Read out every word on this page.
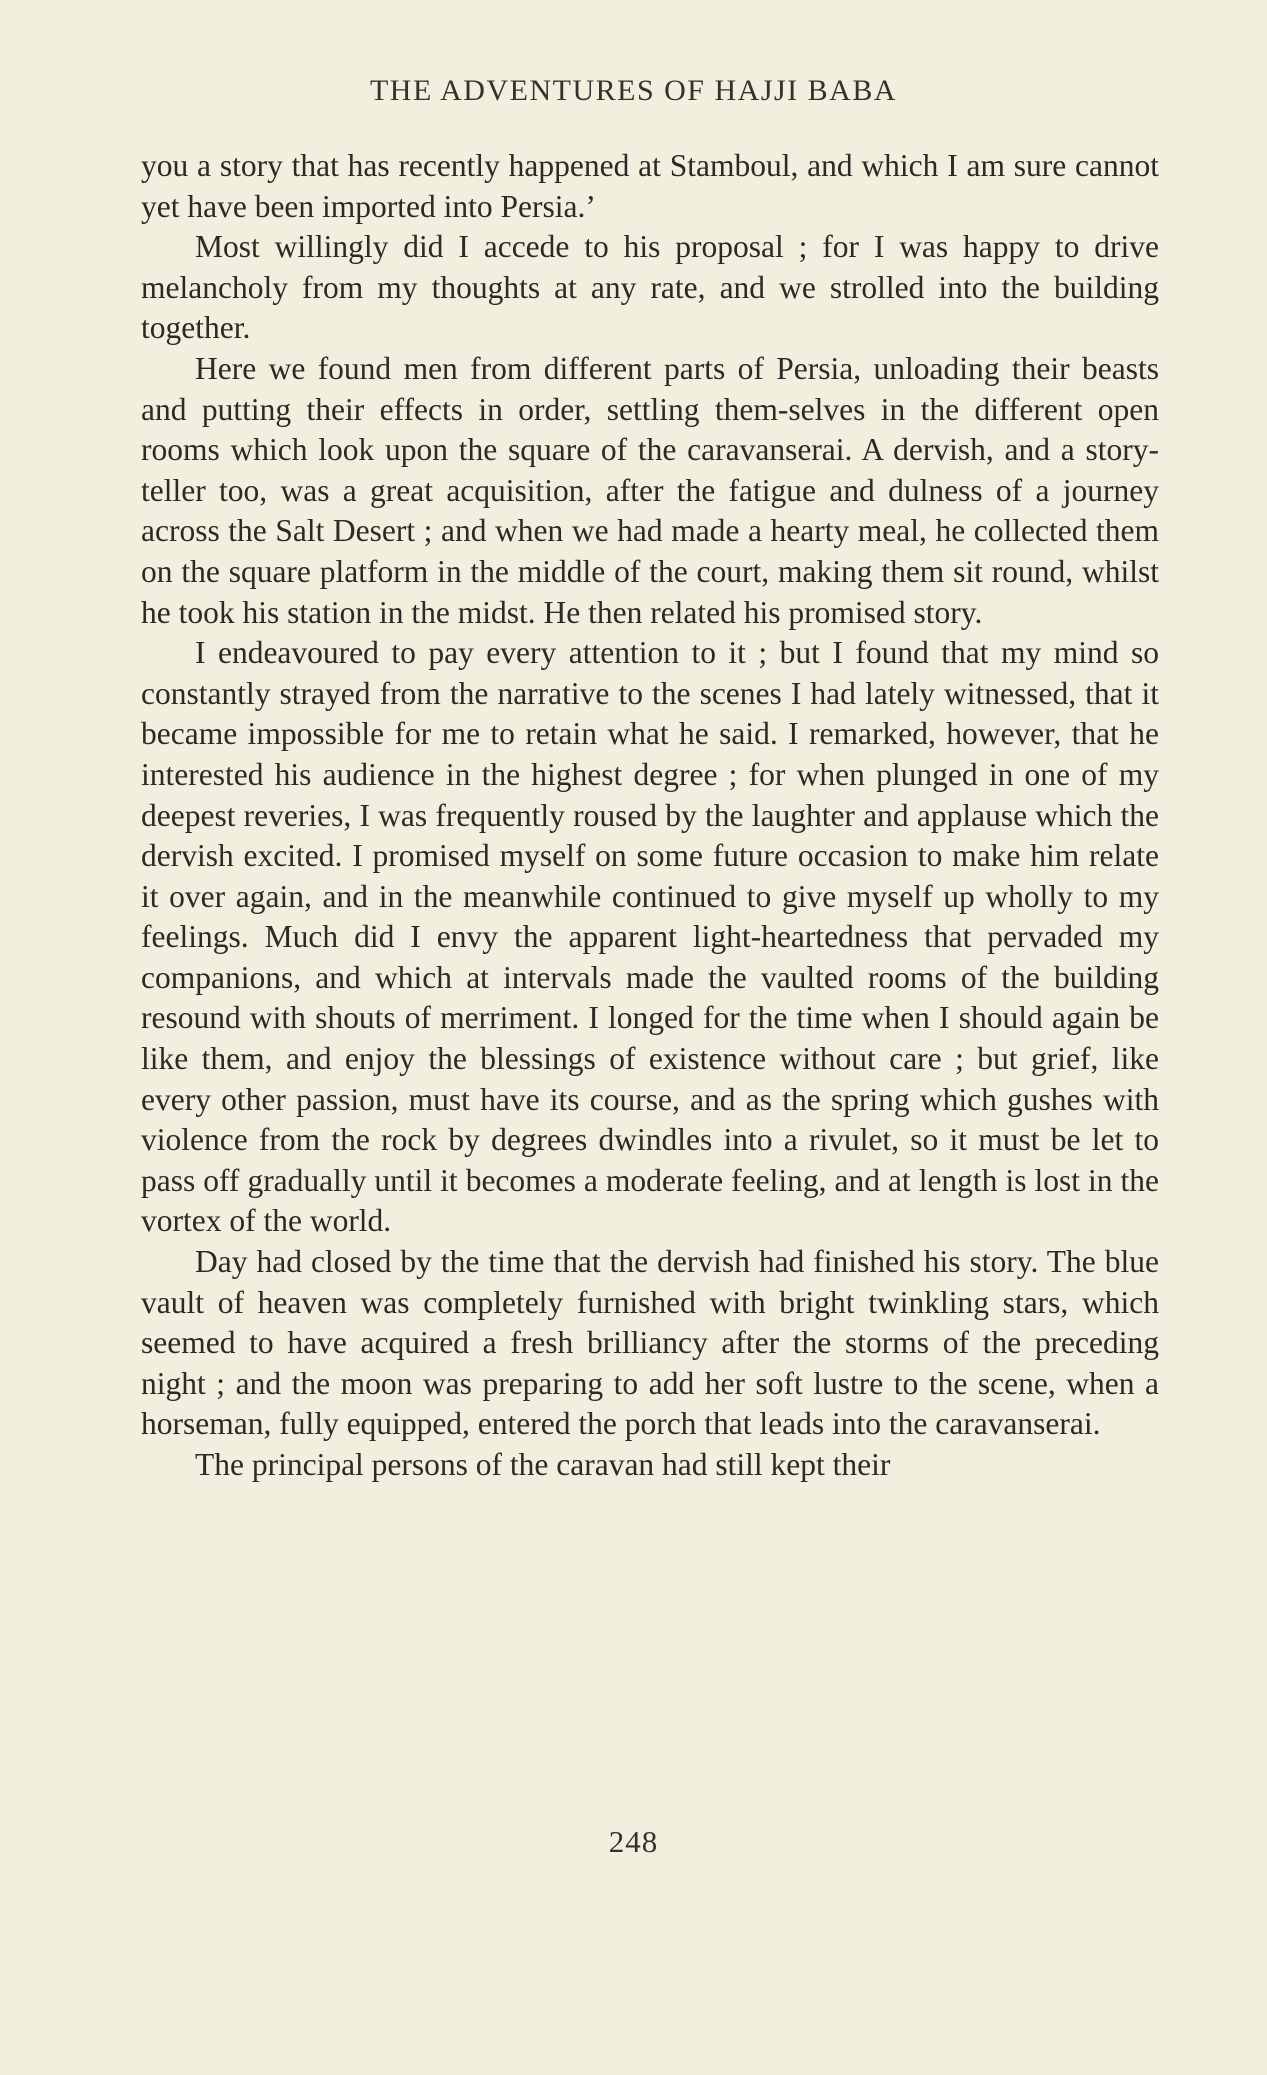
THE ADVENTURES OF HAJJI BABA

you a story that has recently happened at Stamboul, and which I am sure cannot yet have been imported into Persia.’

Most willingly did I accede to his proposal ; for I was happy to drive melancholy from my thoughts at any rate, and we strolled into the building together.

Here we found men from different parts of Persia, unloading their beasts and putting their effects in order, settling them-selves in the different open rooms which look upon the square of the caravanserai. A dervish, and a story-teller too, was a great acquisition, after the fatigue and dulness of a journey across the Salt Desert ; and when we had made a hearty meal, he collected them on the square platform in the middle of the court, making them sit round, whilst he took his station in the midst. He then related his promised story.

I endeavoured to pay every attention to it ; but I found that my mind so constantly strayed from the narrative to the scenes I had lately witnessed, that it became impossible for me to retain what he said. I remarked, however, that he interested his audience in the highest degree ; for when plunged in one of my deepest reveries, I was frequently roused by the laughter and applause which the dervish excited. I promised myself on some future occasion to make him relate it over again, and in the meanwhile continued to give myself up wholly to my feelings. Much did I envy the apparent light-heartedness that pervaded my companions, and which at intervals made the vaulted rooms of the building resound with shouts of merriment. I longed for the time when I should again be like them, and enjoy the blessings of existence without care ; but grief, like every other passion, must have its course, and as the spring which gushes with violence from the rock by degrees dwindles into a rivulet, so it must be let to pass off gradually until it becomes a moderate feeling, and at length is lost in the vortex of the world.

Day had closed by the time that the dervish had finished his story. The blue vault of heaven was completely furnished with bright twinkling stars, which seemed to have acquired a fresh brilliancy after the storms of the preceding night ; and the moon was preparing to add her soft lustre to the scene, when a horseman, fully equipped, entered the porch that leads into the caravanserai.

The principal persons of the caravan had still kept their

248
